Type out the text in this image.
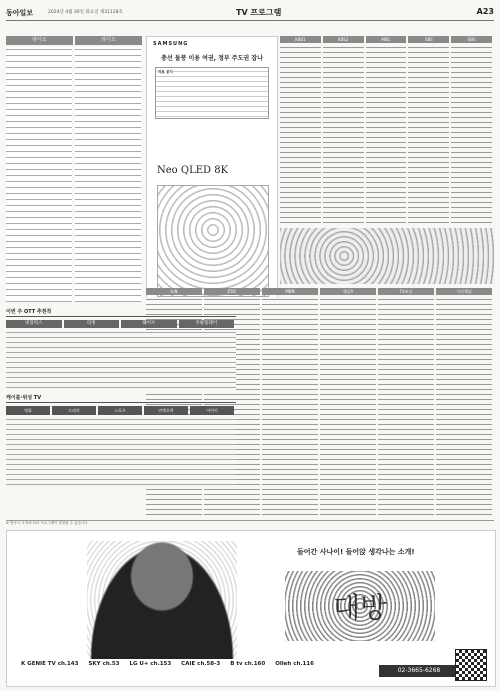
동아일보	2024년 4월 30일 화요일 제31128호	TV 프로그램	A23
라디오	라디오
SAMSUNG
총선 돌풍 이용 여권, 정부 주도권 잡나
자료 공지
Neo QLED 8K
KBS1	KBS2	MBC	SBS	EBS
tvN	JTBC	MBN	채널A	TV조선	기타채널
이번 주 OTT 추천작
넷플릭스	티빙	웨이브	쿠팡플레이
케이블·위성 TV
영화	드라마	스포츠	연예오락	어린이
※ 방송사 사정에 따라 프로그램이 변경될 수 있습니다.
들어간 사나이! 들어앉 생각나는 소개!
대방
K GENIE TV ch.143 SKY ch.53 LG U+ ch.153 CAIE ch.58-3 B tv ch.160 Olleh ch.116
02-3665-6268
